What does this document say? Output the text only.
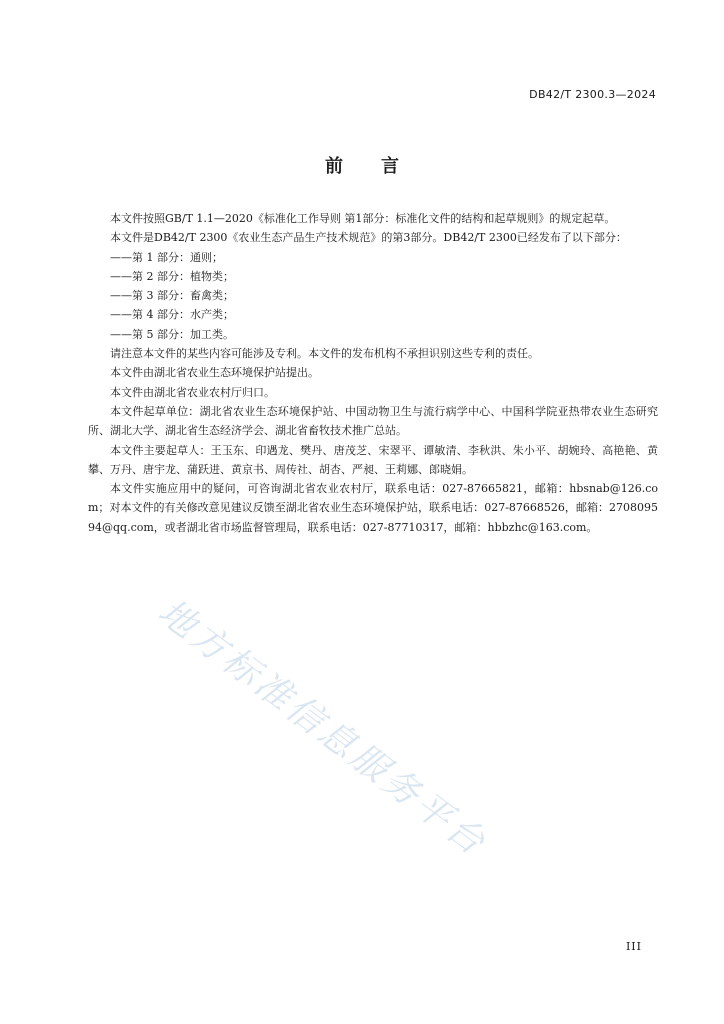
DB42/T 2300.3—2024
前言

本文件按照GB/T 1.1—2020《标准化工作导则 第1部分：标准化文件的结构和起草规则》的规定起草。

本文件是DB42/T 2300《农业生态产品生产技术规范》的第3部分。DB42/T 2300已经发布了以下部分：

——第 1 部分：通则；

——第 2 部分：植物类；

——第 3 部分：畜禽类；

——第 4 部分：水产类；

——第 5 部分：加工类。

请注意本文件的某些内容可能涉及专利。本文件的发布机构不承担识别这些专利的责任。

本文件由湖北省农业生态环境保护站提出。

本文件由湖北省农业农村厅归口。

本文件起草单位：湖北省农业生态环境保护站、中国动物卫生与流行病学中心、中国科学院亚热带农业生态研究所、湖北大学、湖北省生态经济学会、湖北省畜牧技术推广总站。

本文件主要起草人：王玉东、印遇龙、樊丹、唐茂芝、宋翠平、谭敏清、李秋洪、朱小平、胡婉玲、高艳艳、黄攀、万丹、唐宇龙、蒲跃进、黄京书、周传社、胡杏、严昶、王莉娜、郎晓娟。

本文件实施应用中的疑问，可咨询湖北省农业农村厅，联系电话：027-87665821，邮箱：hbsnab@126.com；对本文件的有关修改意见建议反馈至湖北省农业生态环境保护站，联系电话：027-87668526，邮箱：270809594@qq.com，或者湖北省市场监督管理局，联系电话：027-87710317，邮箱：hbbzhc@163.com。

地方标准信息服务平台
III
